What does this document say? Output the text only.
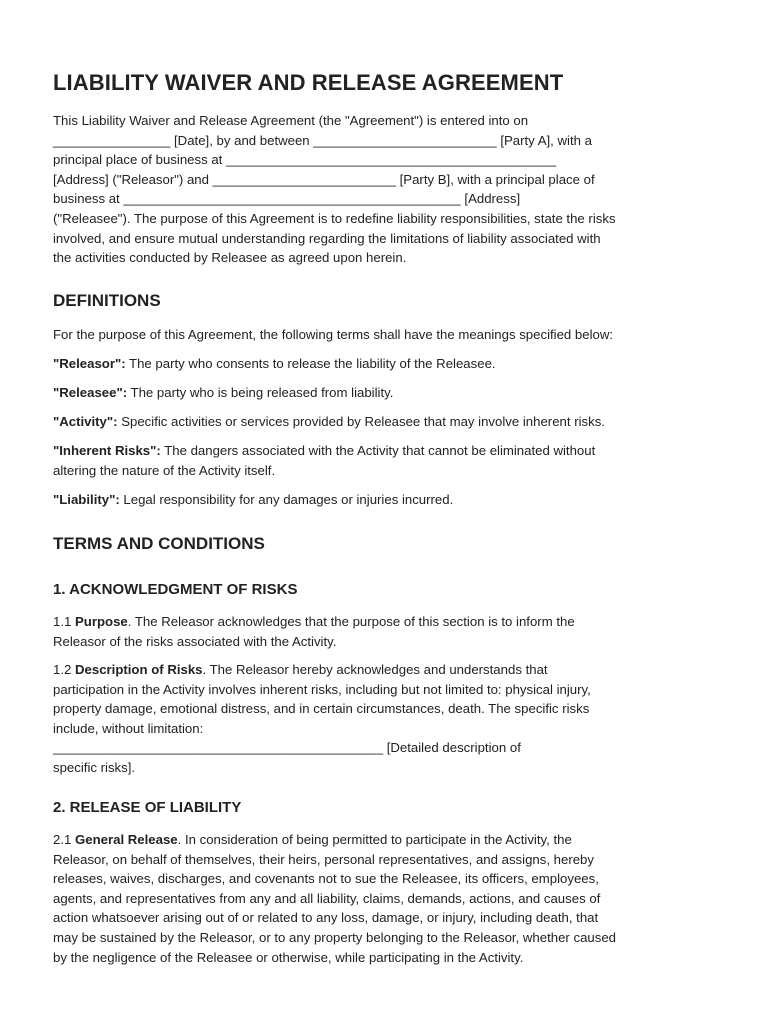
LIABILITY WAIVER AND RELEASE AGREEMENT
This Liability Waiver and Release Agreement (the "Agreement") is entered into on
________________ [Date], by and between _________________________ [Party A], with a
principal place of business at _____________________________________________
[Address] ("Releasor") and _________________________ [Party B], with a principal place of
business at ______________________________________________ [Address]
("Releasee"). The purpose of this Agreement is to redefine liability responsibilities, state the risks
involved, and ensure mutual understanding regarding the limitations of liability associated with
the activities conducted by Releasee as agreed upon herein.
DEFINITIONS
For the purpose of this Agreement, the following terms shall have the meanings specified below:
"Releasor": The party who consents to release the liability of the Releasee.
"Releasee": The party who is being released from liability.
"Activity": Specific activities or services provided by Releasee that may involve inherent risks.
"Inherent Risks": The dangers associated with the Activity that cannot be eliminated without
altering the nature of the Activity itself.
"Liability": Legal responsibility for any damages or injuries incurred.
TERMS AND CONDITIONS
1. ACKNOWLEDGMENT OF RISKS
1.1 Purpose. The Releasor acknowledges that the purpose of this section is to inform the
Releasor of the risks associated with the Activity.
1.2 Description of Risks. The Releasor hereby acknowledges and understands that
participation in the Activity involves inherent risks, including but not limited to: physical injury,
property damage, emotional distress, and in certain circumstances, death. The specific risks
include, without limitation:
_____________________________________________ [Detailed description of
specific risks].
2. RELEASE OF LIABILITY
2.1 General Release. In consideration of being permitted to participate in the Activity, the
Releasor, on behalf of themselves, their heirs, personal representatives, and assigns, hereby
releases, waives, discharges, and covenants not to sue the Releasee, its officers, employees,
agents, and representatives from any and all liability, claims, demands, actions, and causes of
action whatsoever arising out of or related to any loss, damage, or injury, including death, that
may be sustained by the Releasor, or to any property belonging to the Releasor, whether caused
by the negligence of the Releasee or otherwise, while participating in the Activity.
